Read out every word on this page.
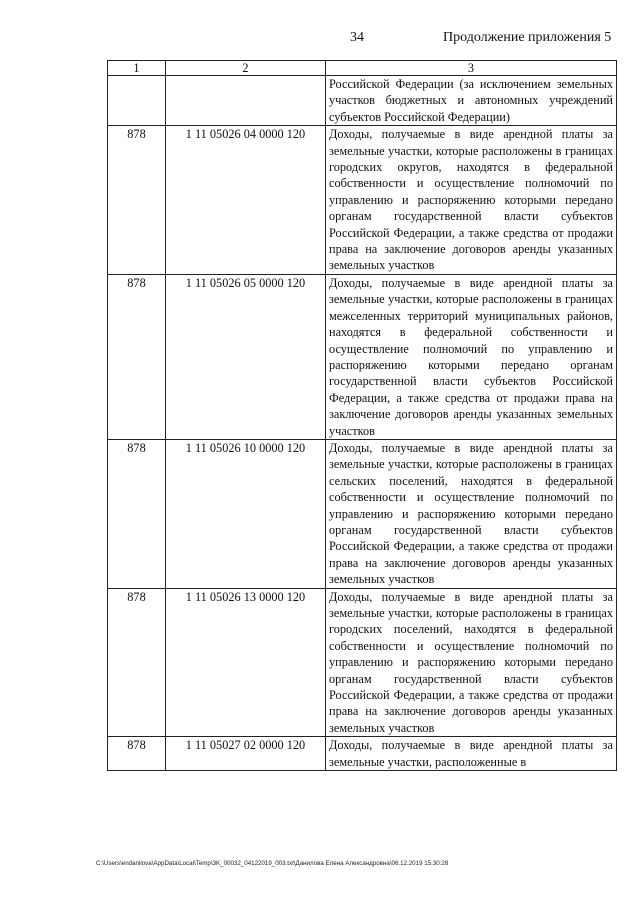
34	Продолжение приложения 5
1	2	3
		Российской Федерации (за исключением земельных участков бюджетных и автономных учреждений субъектов Российской Федерации)
878	1 11 05026 04 0000 120	Доходы, получаемые в виде арендной платы за земельные участки, которые расположены в границах городских округов, находятся в федеральной собственности и осуществление полномочий по управлению и распоряжению которыми передано органам государственной власти субъектов Российской Федерации, а также средства от продажи права на заключение договоров аренды указанных земельных участков
878	1 11 05026 05 0000 120	Доходы, получаемые в виде арендной платы за земельные участки, которые расположены в границах межселенных территорий муниципальных районов, находятся в федеральной собственности и осуществление полномочий по управлению и распоряжению которыми передано органам государственной власти субъектов Российской Федерации, а также средства от продажи права на заключение договоров аренды указанных земельных участков
878	1 11 05026 10 0000 120	Доходы, получаемые в виде арендной платы за земельные участки, которые расположены в границах сельских поселений, находятся в федеральной собственности и осуществление полномочий по управлению и распоряжению которыми передано органам государственной власти субъектов Российской Федерации, а также средства от продажи права на заключение договоров аренды указанных земельных участков
878	1 11 05026 13 0000 120	Доходы, получаемые в виде арендной платы за земельные участки, которые расположены в границах городских поселений, находятся в федеральной собственности и осуществление полномочий по управлению и распоряжению которыми передано органам государственной власти субъектов Российской Федерации, а также средства от продажи права на заключение договоров аренды указанных земельных участков
878	1 11 05027 02 0000 120	Доходы, получаемые в виде арендной платы за земельные участки, расположенные в
C:\Users\endanilova\AppData\Local\Temp\3K_00032_04122019_003.txt\Данилова Елена Александровна\06.12.2019 15:30:28
